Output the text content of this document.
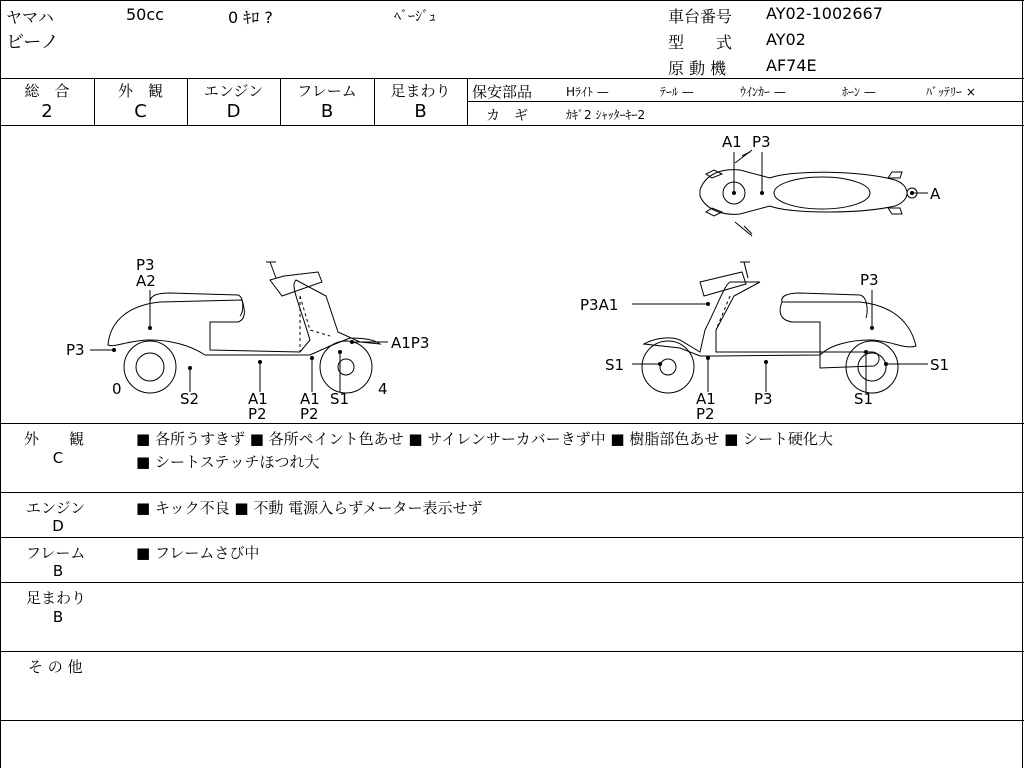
ヤマハ	50cc	0 ｷﾛ ?	ﾍﾞｰｼﾞｭ
ビーノ
車台番号 AY02-1002667
型　　式 AY02
原 動 機 AF74E
総　合
2
外　観
C
エンジン
D
フレーム
B
足まわり
B
保安部品	Hﾗｲﾄ —	ﾃｰﾙ —	ｳｲﾝｶｰ —	ﾎｰﾝ —	ﾊﾞｯﾃﾘｰ ×
カ　ギ	ｶｷﾞ2 ｼｬｯﾀｰｷｰ2
A1 P3
A
P3
A2
P3	A1P3
0
S2	A1
P2
A1
P2
S1
4
P3A1
P3
S1	S1
A1
P2
P3	S1
外　　観
C
■ 各所うすきず ■ 各所ペイント色あせ ■ サイレンサーカバーきず中 ■ 樹脂部色あせ ■ シート硬化大
■ シートステッチほつれ大
エンジン
D
■ キック不良 ■ 不動 電源入らずメーター表示せず
フレーム
B
■ フレームさび中
足まわり
B
そ の 他
